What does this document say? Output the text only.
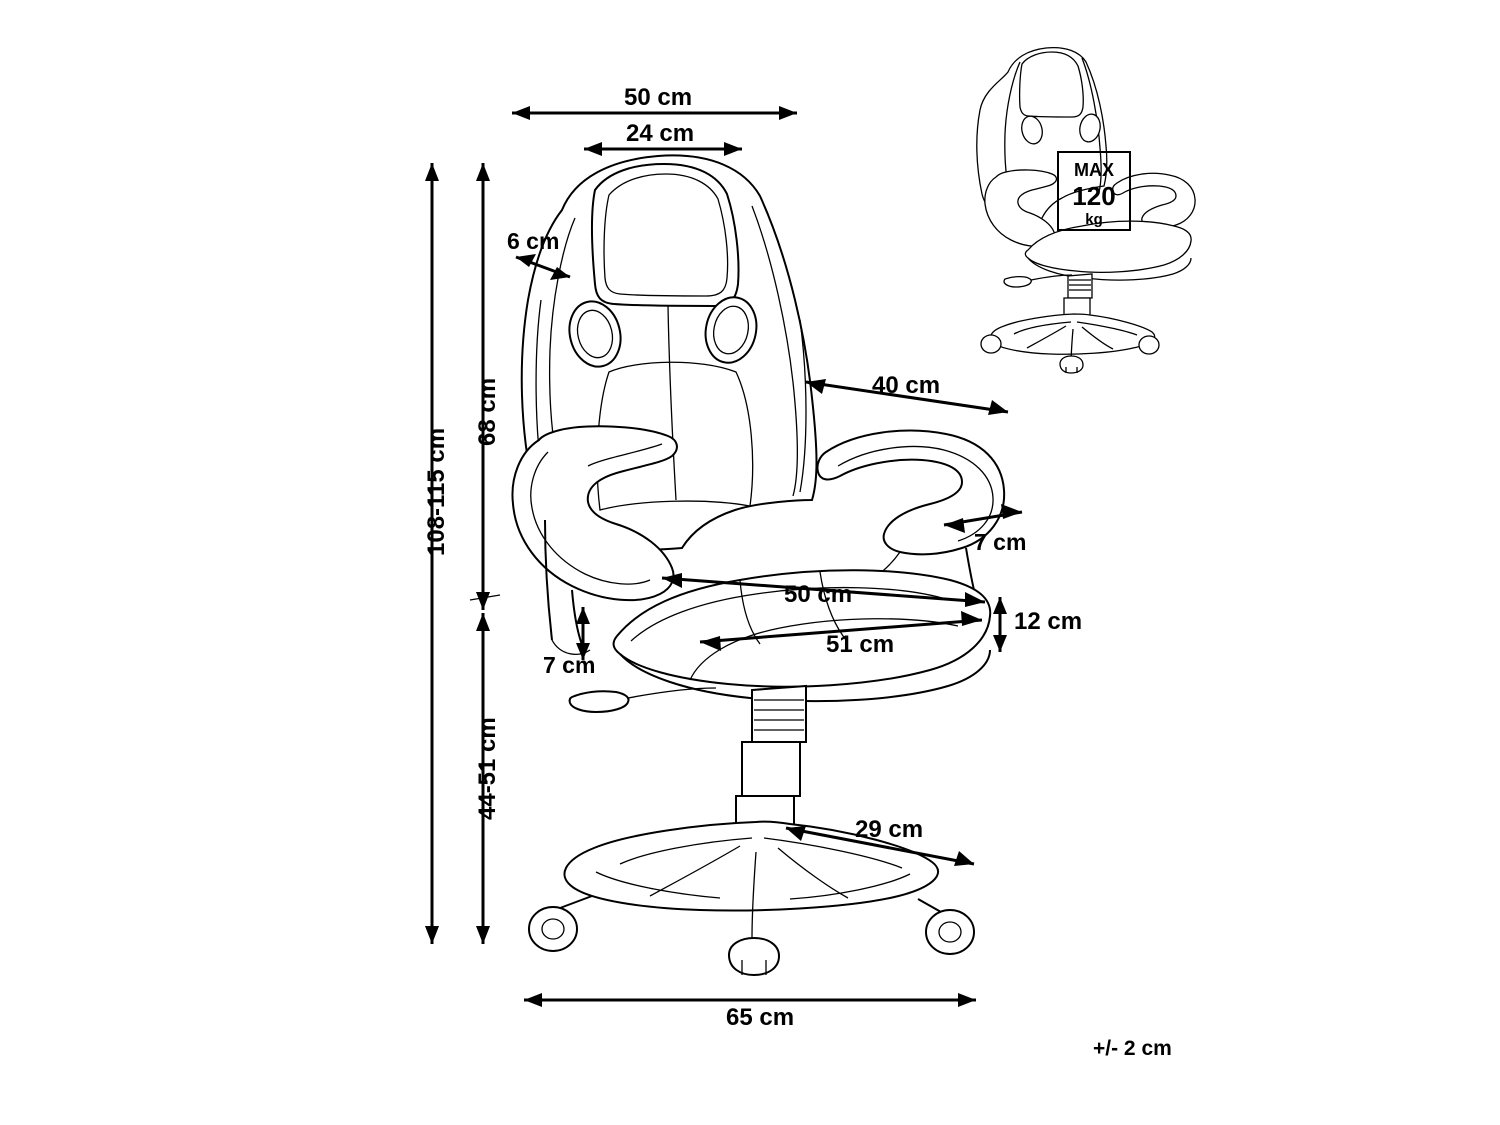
MAX
120
kg
50 cm
24 cm
6 cm
68 cm
108-115 cm
44-51 cm
40 cm
7 cm
50 cm
51 cm
12 cm
7 cm
29 cm
65 cm
+/- 2 cm
